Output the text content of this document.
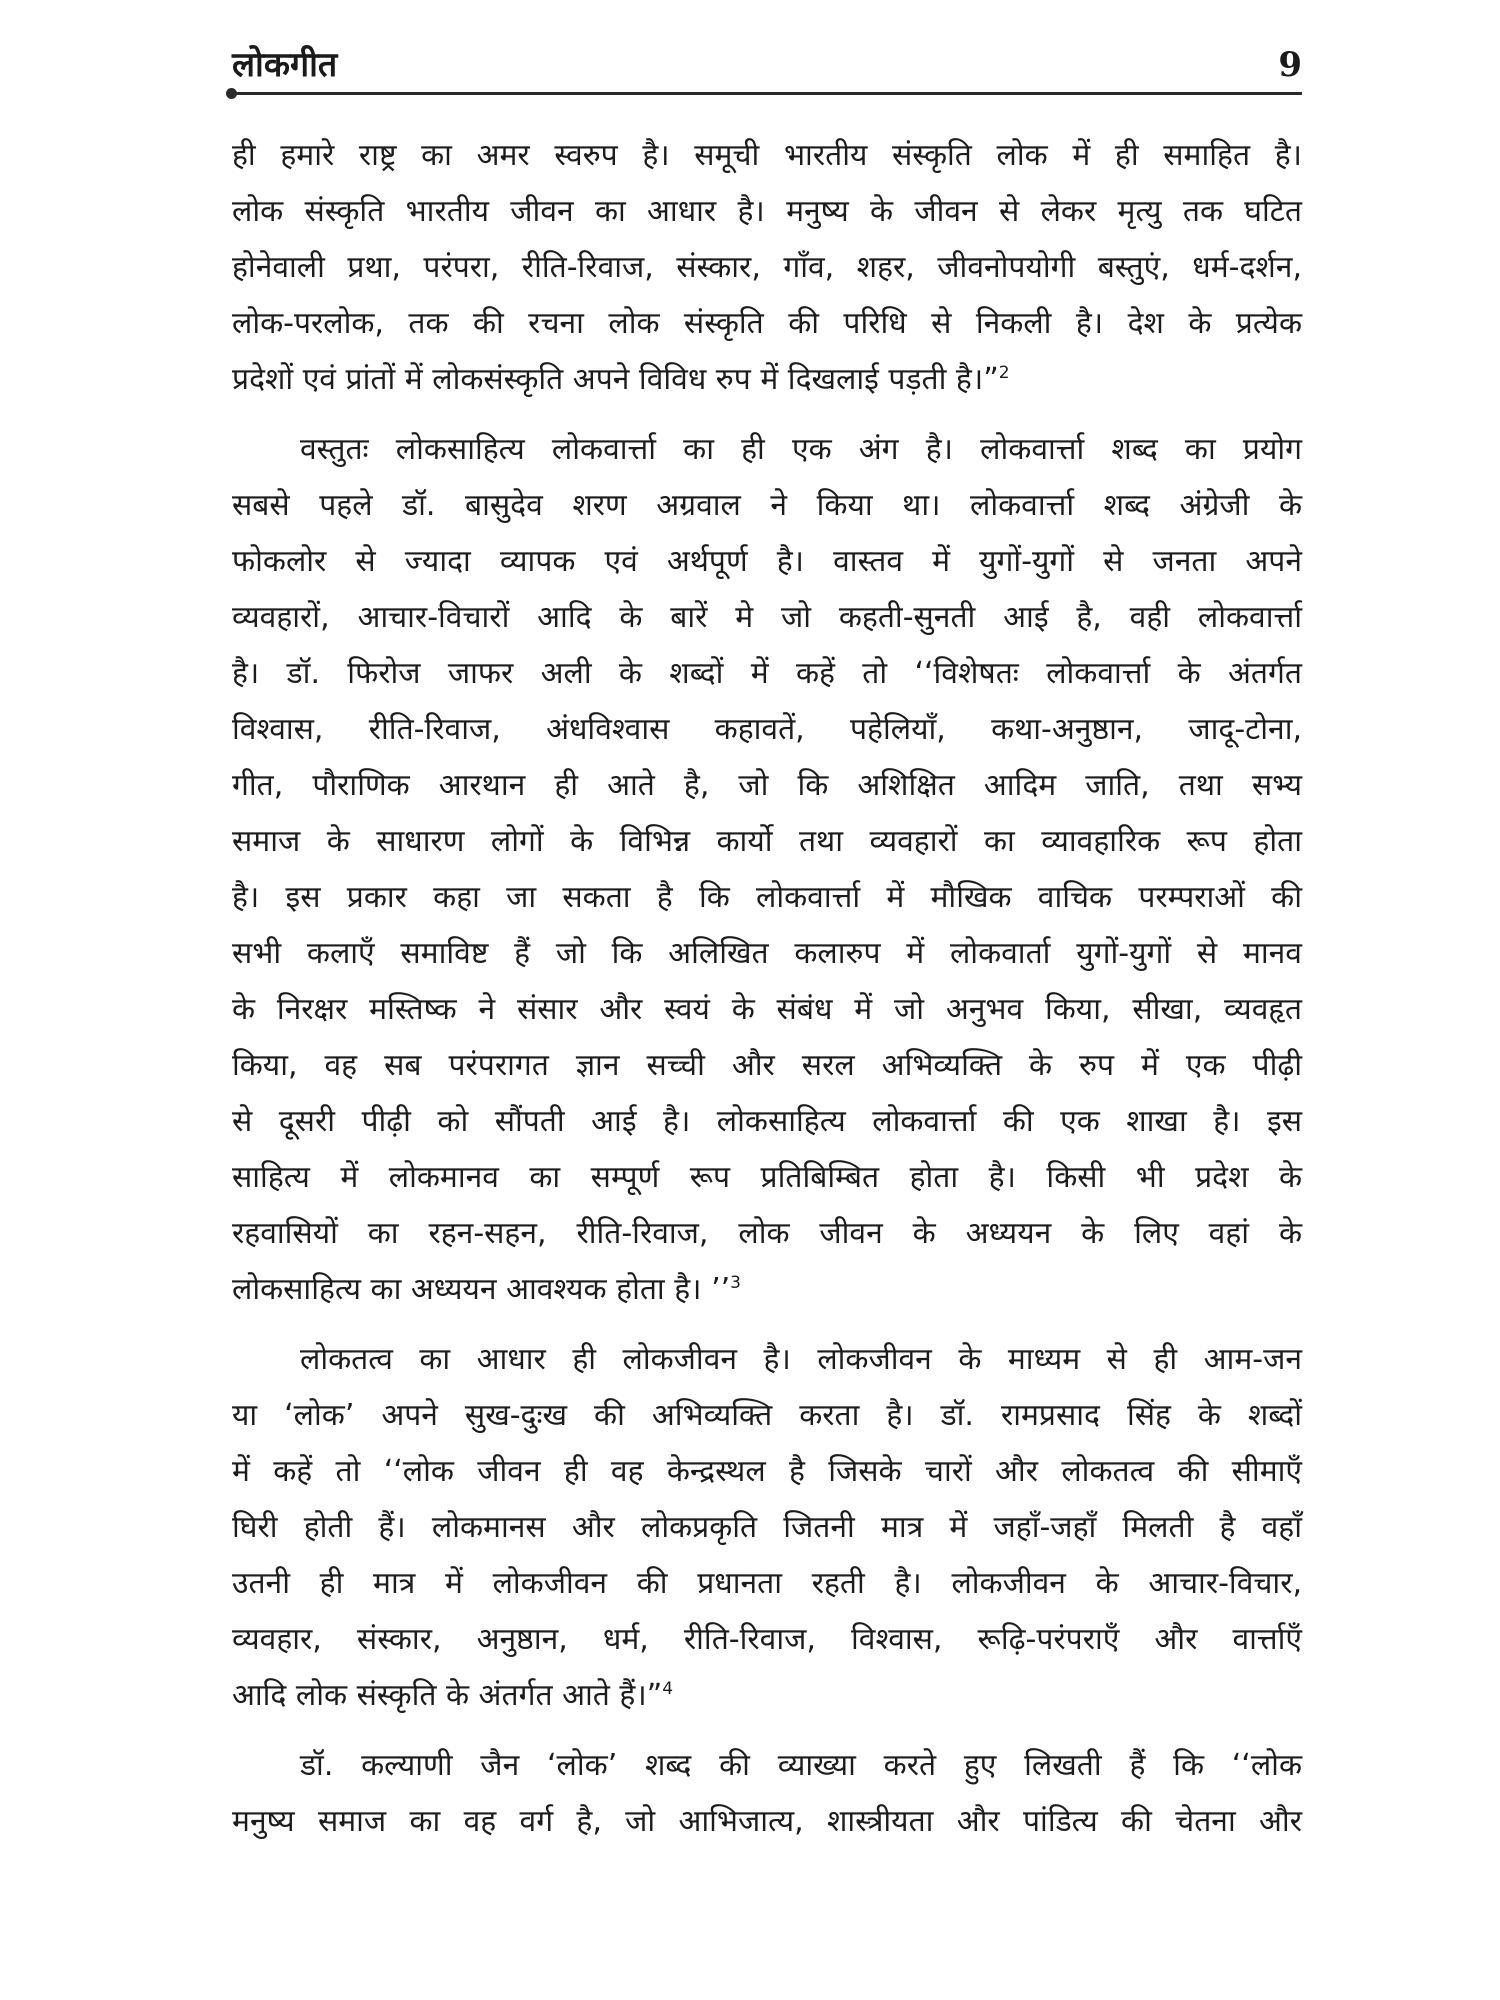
लोकगीत	9

ही हमारे राष्ट्र का अमर स्वरुप है। समूची भारतीय संस्कृति लोक में ही समाहित है।
लोक संस्कृति भारतीय जीवन का आधार है। मनुष्य के जीवन से लेकर मृत्यु तक घटित
होनेवाली प्रथा, परंपरा, रीति-रिवाज, संस्कार, गाँव, शहर, जीवनोपयोगी बस्तुएं, धर्म-दर्शन,
लोक-परलोक, तक की रचना लोक संस्कृति की परिधि से निकली है। देश के प्रत्येक
प्रदेशों एवं प्रांतों में लोकसंस्कृति अपने विविध रुप में दिखलाई पड़ती है।”$^2$

वस्तुतः लोकसाहित्य लोकवार्त्ता का ही एक अंग है। लोकवार्त्ता शब्द का प्रयोग
सबसे पहले डॉ. बासुदेव शरण अग्रवाल ने किया था। लोकवार्त्ता शब्द अंग्रेजी के
फोकलोर से ज्यादा व्यापक एवं अर्थपूर्ण है। वास्तव में युगों-युगों से जनता अपने
व्यवहारों, आचार-विचारों आदि के बारें मे जो कहती-सुनती आई है, वही लोकवार्त्ता
है। डॉ. फिरोज जाफर अली के शब्दों में कहें तो ‘‘विशेषतः लोकवार्त्ता के अंतर्गत
विश्वास, रीति-रिवाज, अंधविश्वास कहावतें, पहेलियाँ, कथा-अनुष्ठान, जादू-टोना,
गीत, पौराणिक आरथान ही आते है, जो कि अशिक्षित आदिम जाति, तथा सभ्य
समाज के साधारण लोगों के विभिन्न कार्यो तथा व्यवहारों का व्यावहारिक रूप होता
है। इस प्रकार कहा जा सकता है कि लोकवार्त्ता में मौखिक वाचिक परम्पराओं की
सभी कलाएँ समाविष्ट हैं जो कि अलिखित कलारुप में लोकवार्ता युगों-युगों से मानव
के निरक्षर मस्तिष्क ने संसार और स्वयं के संबंध में जो अनुभव किया, सीखा, व्यवहृत
किया, वह सब परंपरागत ज्ञान सच्ची और सरल अभिव्यक्ति के रुप में एक पीढ़ी
से दूसरी पीढ़ी को सौंपती आई है। लोकसाहित्य लोकवार्त्ता की एक शाखा है। इस
साहित्य में लोकमानव का सम्पूर्ण रूप प्रतिबिम्बित होता है। किसी भी प्रदेश के
रहवासियों का रहन-सहन, रीति-रिवाज, लोक जीवन के अध्ययन के लिए वहां के
लोकसाहित्य का अध्ययन आवश्यक होता है। ’’$^3$

लोकतत्व का आधार ही लोकजीवन है। लोकजीवन के माध्यम से ही आम-जन
या ‘लोक’ अपने सुख-दुःख की अभिव्यक्ति करता है। डॉ. रामप्रसाद सिंह के शब्दों
में कहें तो ‘‘लोक जीवन ही वह केन्द्रस्थल है जिसके चारों और लोकतत्व की सीमाएँ
घिरी होती हैं। लोकमानस और लोकप्रकृति जितनी मात्र में जहाँ-जहाँ मिलती है वहाँ
उतनी ही मात्र में लोकजीवन की प्रधानता रहती है। लोकजीवन के आचार-विचार,
व्यवहार, संस्कार, अनुष्ठान, धर्म, रीति-रिवाज, विश्वास, रूढ़ि-परंपराएँ और वार्त्ताएँ
आदि लोक संस्कृति के अंतर्गत आते हैं।”$^4$

डॉ. कल्याणी जैन ‘लोक’ शब्द की व्याख्या करते हुए लिखती हैं कि ‘‘लोक
मनुष्य समाज का वह वर्ग है, जो आभिजात्य, शास्त्रीयता और पांडित्य की चेतना और
